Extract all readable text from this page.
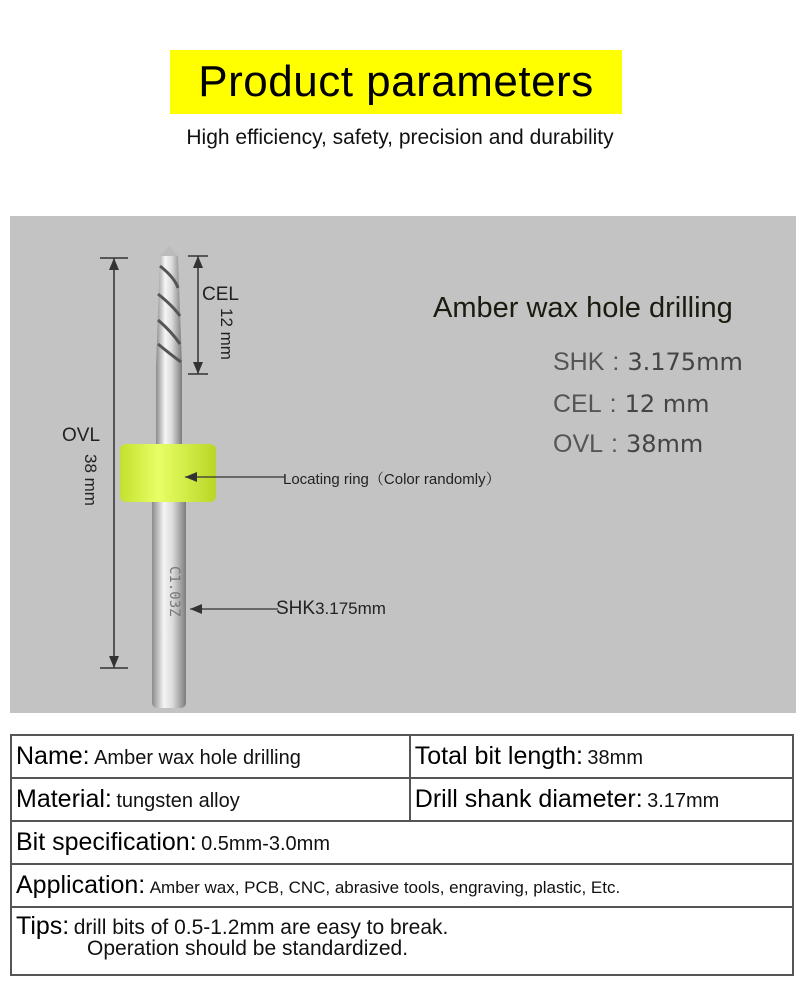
Product parameters
High efficiency, safety, precision and durability
C1.03Z
Amber wax hole drilling
SHK : 3.175mm
CEL : 12 mm
OVL : 38mm
CEL
12 mm
OVL
38 mm	Locating ring（Color randomly）
SHK3.175mm
Name: Amber wax hole drilling	Total bit length: 38mm
Material: tungsten alloy	Drill shank diameter: 3.17mm
Bit specification: 0.5mm-3.0mm	
Application: Amber wax, PCB, CNC, abrasive tools, engraving, plastic, Etc.	
Tips: drill bits of 0.5-1.2mm are easy to break.
Operation should be standardized.	
